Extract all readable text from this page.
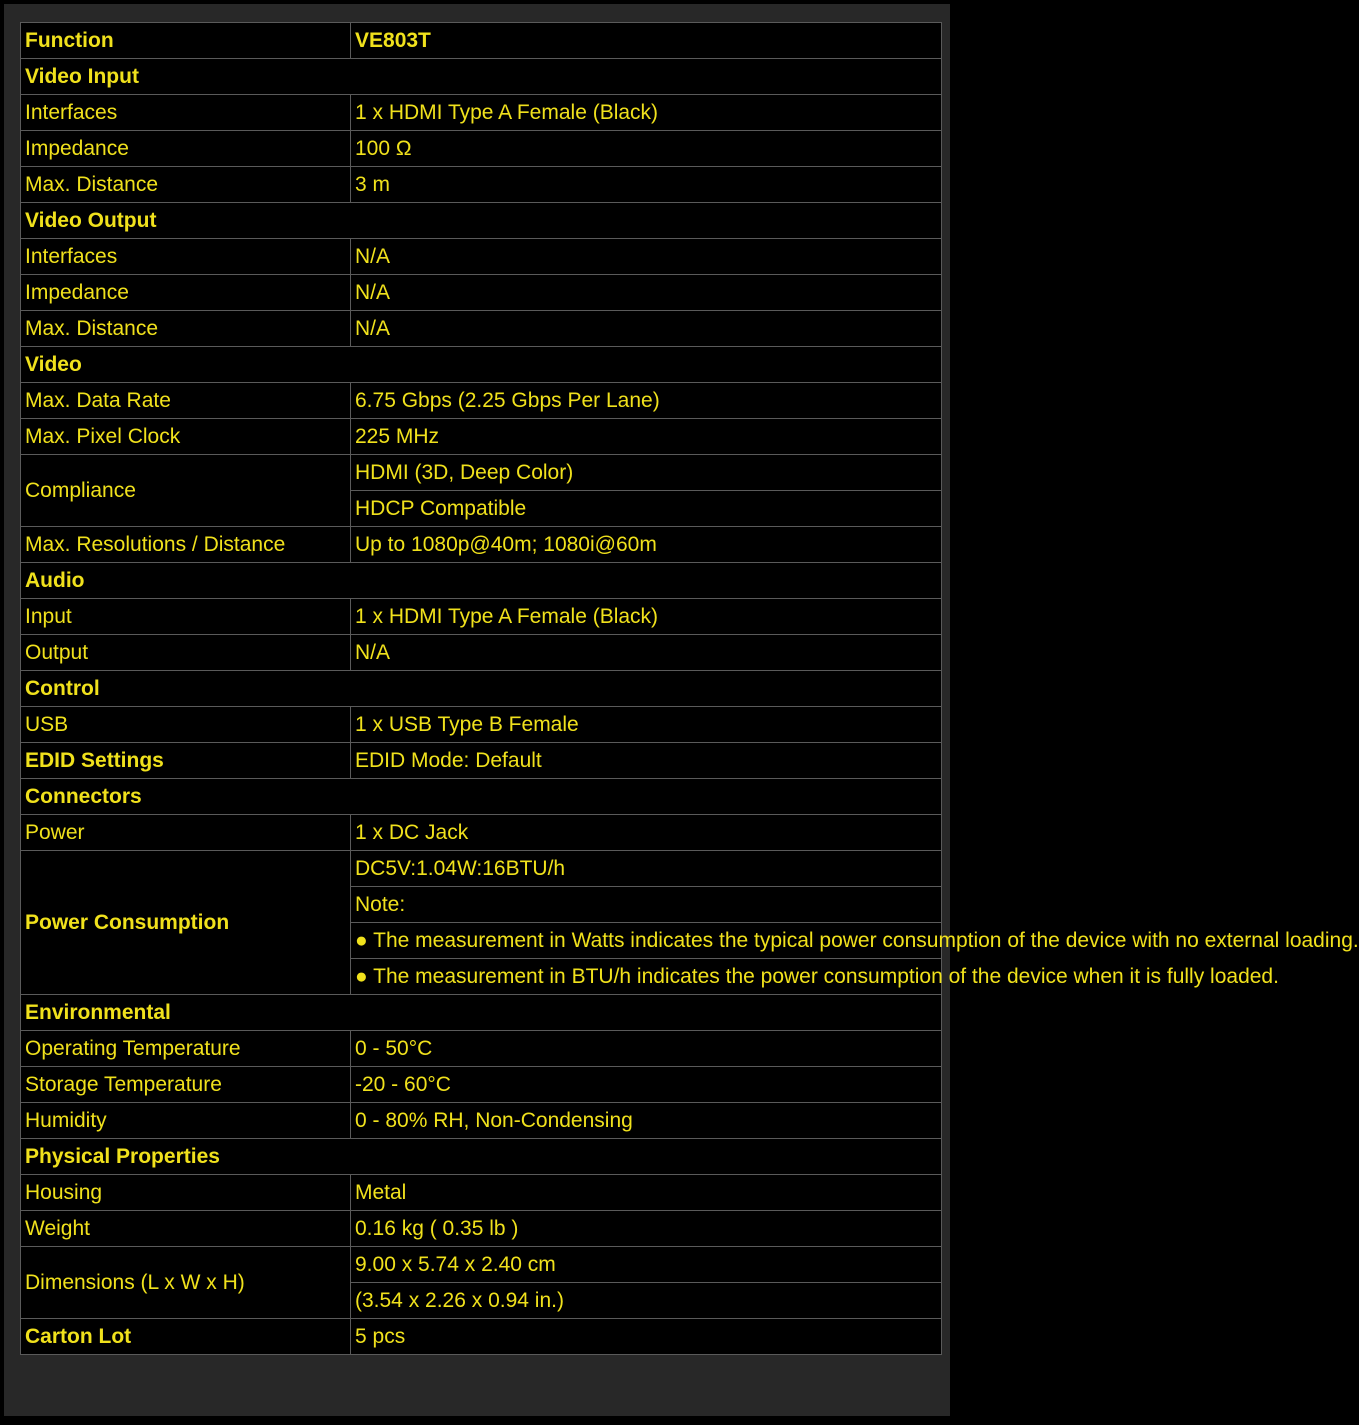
Function	VE803T
Video Input	
Interfaces	1 x HDMI Type A Female (Black)
Impedance	100 Ω
Max. Distance	3 m
Video Output	
Interfaces	N/A
Impedance	N/A
Max. Distance	N/A
Video	
Max. Data Rate	6.75 Gbps (2.25 Gbps Per Lane)
Max. Pixel Clock	225 MHz
Compliance	HDMI (3D, Deep Color)
	HDCP Compatible
Max. Resolutions / Distance	Up to 1080p@40m; 1080i@60m
Audio	
Input	1 x HDMI Type A Female (Black)
Output	N/A
Control	
USB	1 x USB Type B Female
EDID Settings	EDID Mode: Default
Connectors	
Power	1 x DC Jack
Power Consumption	DC5V:1.04W:16BTU/h
	Note:
	● The measurement in Watts indicates the typical power consumption of the device with no external loading.
	● The measurement in BTU/h indicates the power consumption of the device when it is fully loaded.
Environmental	
Operating Temperature	0 - 50°C
Storage Temperature	-20 - 60°C
Humidity	0 - 80% RH, Non-Condensing
Physical Properties	
Housing	Metal
Weight	0.16 kg ( 0.35 lb )
Dimensions (L x W x H)	9.00 x 5.74 x 2.40 cm
	(3.54 x 2.26 x 0.94 in.)
Carton Lot	5 pcs
